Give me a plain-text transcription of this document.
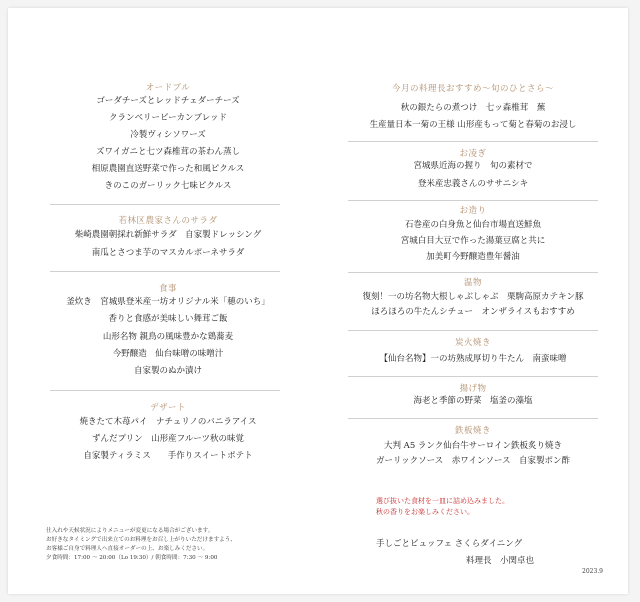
オードブル
ゴーダチーズとレッドチェダーチーズ
クランベリービーカンブレッド
冷製ヴィシソワーズ
ズワイガニと七ツ森椎茸の茶わん蒸し
相原農園直送野菜で作った和風ピクルス
きのこのガーリック七味ピクルス
若林区農家さんのサラダ
柴崎農園朝採れ新鮮サラダ　自家製ドレッシング
南瓜とさつま芋のマスカルポーネサラダ
食事
釜炊き　宮城県登米産一坊オリジナル米「穂のいち」
香りと食感が美味しい舞茸ご飯
山形名物 親鳥の風味豊かな鶏蕎麦
今野醸造　仙台味噌の味噌汁
自家製のぬか漬け
デザート
焼きたて木苺パイ　ナチュリノのバニラアイス
ずんだプリン　山形産フルーツ秋の味覚
自家製ティラミス　　手作りスイートポテト
仕入れや天候状況によりメニューが変更になる場合がございます。
お好きなタイミングで出来立てのお料理をお召し上がりいただけますよう、
お客様ご自身で料理人へ直接オーダーの上、お楽しみください。
夕食時間：17:00 ～ 20:00（Lo 19:30）/ 朝食時間：7:30 ～ 9:00
今月の料理長おすすめ～旬のひとさら～
秋の銀たらの煮つけ　七ッ森椎茸　蕪
生産量日本一菊の王様 山形産もって菊と春菊のお浸し
お凌ぎ
宮城県近海の握り　旬の素材で
登米産忠義さんのササニシキ
お造り
石巻産の白身魚と仙台市場直送鮮魚
宮城白目大豆で作った湯葉豆腐と共に
加美町今野醸造豊年醤油
温物
復刻！一の坊名物大根しゃぶしゃぶ　栗駒高原カテキン豚
ほろほろの牛たんシチュー　オンザライスもおすすめ
炭火焼き
【仙台名物】一の坊熟成厚切り牛たん　南蛮味噌
揚げ物
海老と季節の野菜　塩釜の藻塩
鉄板焼き
大判 A5 ランク仙台牛サーロイン鉄板炙り焼き
ガーリックソース　赤ワインソース　自家製ポン酢
選び抜いた食材を一皿に詰め込みました。
秋の香りをお楽しみください。
手しごとビュッフェ さくらダイニング
料理長　小関卓也
2023.9
